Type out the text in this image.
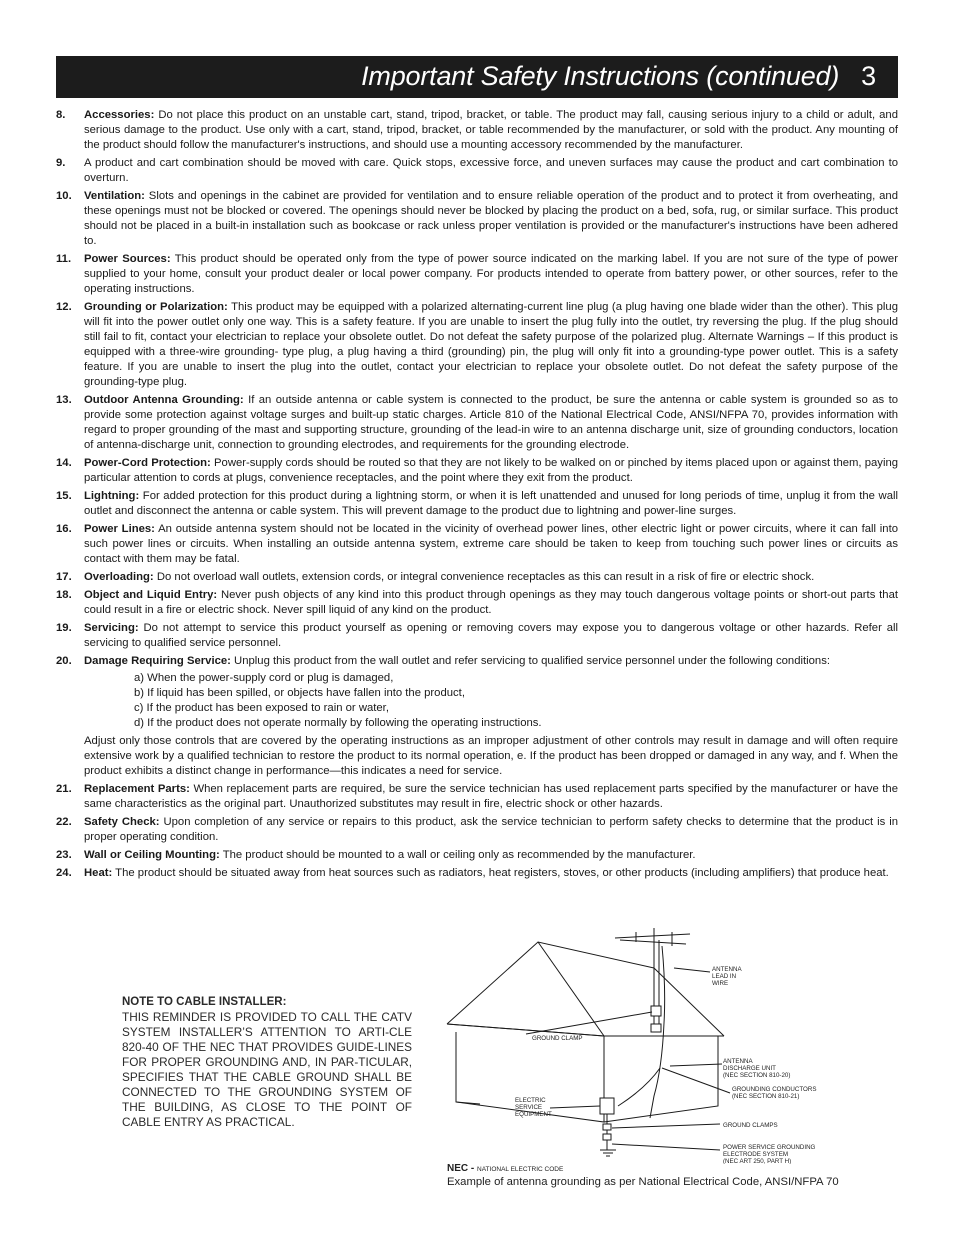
Important Safety Instructions (continued) 3
8.	Accessories: Do not place this product on an unstable cart, stand, tripod, bracket, or table. The product may fall, causing serious injury to a child or adult, and serious damage to the product. Use only with a cart, stand, tripod, bracket, or table recommended by the manufacturer, or sold with the product. Any mounting of the product should follow the manufacturer's instructions, and should use a mounting accessory recommended by the manufacturer.
9.	A product and cart combination should be moved with care. Quick stops, excessive force, and uneven surfaces may cause the product and cart combination to overturn.
10.	Ventilation: Slots and openings in the cabinet are provided for ventilation and to ensure reliable operation of the product and to protect it from overheating, and these openings must not be blocked or covered. The openings should never be blocked by placing the product on a bed, sofa, rug, or similar surface. This product should not be placed in a built-in installation such as bookcase or rack unless proper ventilation is provided or the manufacturer's instructions have been adhered to.
11.	Power Sources: This product should be operated only from the type of power source indicated on the marking label. If you are not sure of the type of power supplied to your home, consult your product dealer or local power company. For products intended to operate from battery power, or other sources, refer to the operating instructions.
12.	Grounding or Polarization: This product may be equipped with a polarized alternating-current line plug (a plug having one blade wider than the other). This plug will fit into the power outlet only one way. This is a safety feature. If you are unable to insert the plug fully into the outlet, try reversing the plug. If the plug should still fail to fit, contact your electrician to replace your obsolete outlet. Do not defeat the safety purpose of the polarized plug. Alternate Warnings – If this product is equipped with a three-wire grounding- type plug, a plug having a third (grounding) pin, the plug will only fit into a grounding-type power outlet. This is a safety feature. If you are unable to insert the plug into the outlet, contact your electrician to replace your obsolete outlet. Do not defeat the safety purpose of the grounding-type plug.
13.	Outdoor Antenna Grounding: If an outside antenna or cable system is connected to the product, be sure the antenna or cable system is grounded so as to provide some protection against voltage surges and built-up static charges. Article 810 of the National Electrical Code, ANSI/NFPA 70, provides information with regard to proper grounding of the mast and supporting structure, grounding of the lead-in wire to an antenna discharge unit, size of grounding conductors, location of antenna-discharge unit, connection to grounding electrodes, and requirements for the grounding electrode.
14.	Power-Cord Protection: Power-supply cords should be routed so that they are not likely to be walked on or pinched by items placed upon or against them, paying particular attention to cords at plugs, convenience receptacles, and the point where they exit from the product.
15.	Lightning: For added protection for this product during a lightning storm, or when it is left unattended and unused for long periods of time, unplug it from the wall outlet and disconnect the antenna or cable system. This will prevent damage to the product due to lightning and power-line surges.
16.	Power Lines: An outside antenna system should not be located in the vicinity of overhead power lines, other electric light or power circuits, where it can fall into such power lines or circuits. When installing an outside antenna system, extreme care should be taken to keep from touching such power lines or circuits as contact with them may be fatal.
17.	Overloading: Do not overload wall outlets, extension cords, or integral convenience receptacles as this can result in a risk of fire or electric shock.
18.	Object and Liquid Entry: Never push objects of any kind into this product through openings as they may touch dangerous voltage points or short-out parts that could result in a fire or electric shock. Never spill liquid of any kind on the product.
19.	Servicing: Do not attempt to service this product yourself as opening or removing covers may expose you to dangerous voltage or other hazards. Refer all servicing to qualified service personnel.
20.	Damage Requiring Service: Unplug this product from the wall outlet and refer servicing to qualified service personnel under the following conditions:
a) When the power-supply cord or plug is damaged,
b) If liquid has been spilled, or objects have fallen into the product,
c) If the product has been exposed to rain or water,
d) If the product does not operate normally by following the operating instructions.
Adjust only those controls that are covered by the operating instructions as an improper adjustment of other controls may result in damage and will often require extensive work by a qualified technician to restore the product to its normal operation, e. If the product has been dropped or damaged in any way, and f. When the product exhibits a distinct change in performance—this indicates a need for service.
21.	Replacement Parts: When replacement parts are required, be sure the service technician has used replacement parts specified by the manufacturer or have the same characteristics as the original part. Unauthorized substitutes may result in fire, electric shock or other hazards.
22.	Safety Check: Upon completion of any service or repairs to this product, ask the service technician to perform safety checks to determine that the product is in proper operating condition.
23.	Wall or Ceiling Mounting: The product should be mounted to a wall or ceiling only as recommended by the manufacturer.
24.	Heat: The product should be situated away from heat sources such as radiators, heat registers, stoves, or other products (including amplifiers) that produce heat.
NOTE TO CABLE INSTALLER:
THIS REMINDER IS PROVIDED TO CALL THE CATV SYSTEM INSTALLER’S ATTENTION TO ARTI-CLE 820-40 OF THE NEC THAT PROVIDES GUIDE-LINES FOR PROPER GROUNDING AND, IN PAR-TICULAR, SPECIFIES THAT THE CABLE GROUND SHALL BE CONNECTED TO THE GROUNDING SYSTEM OF THE BUILDING, AS CLOSE TO THE POINT OF CABLE ENTRY AS PRACTICAL.
ANTENNA
LEAD IN
WIRE
GROUND CLAMP
ANTENNA
DISCHARGE UNIT
(NEC SECTION 810-20)
GROUNDING CONDUCTORS
(NEC SECTION 810-21)
ELECTRIC
SERVICE
EQUIPMENT
GROUND CLAMPS
POWER SERVICE GROUNDING
ELECTRODE SYSTEM
(NEC ART 250, PART H)
NEC - NATIONAL ELECTRIC CODE
Example of antenna grounding as per National Electrical Code, ANSI/NFPA 70
